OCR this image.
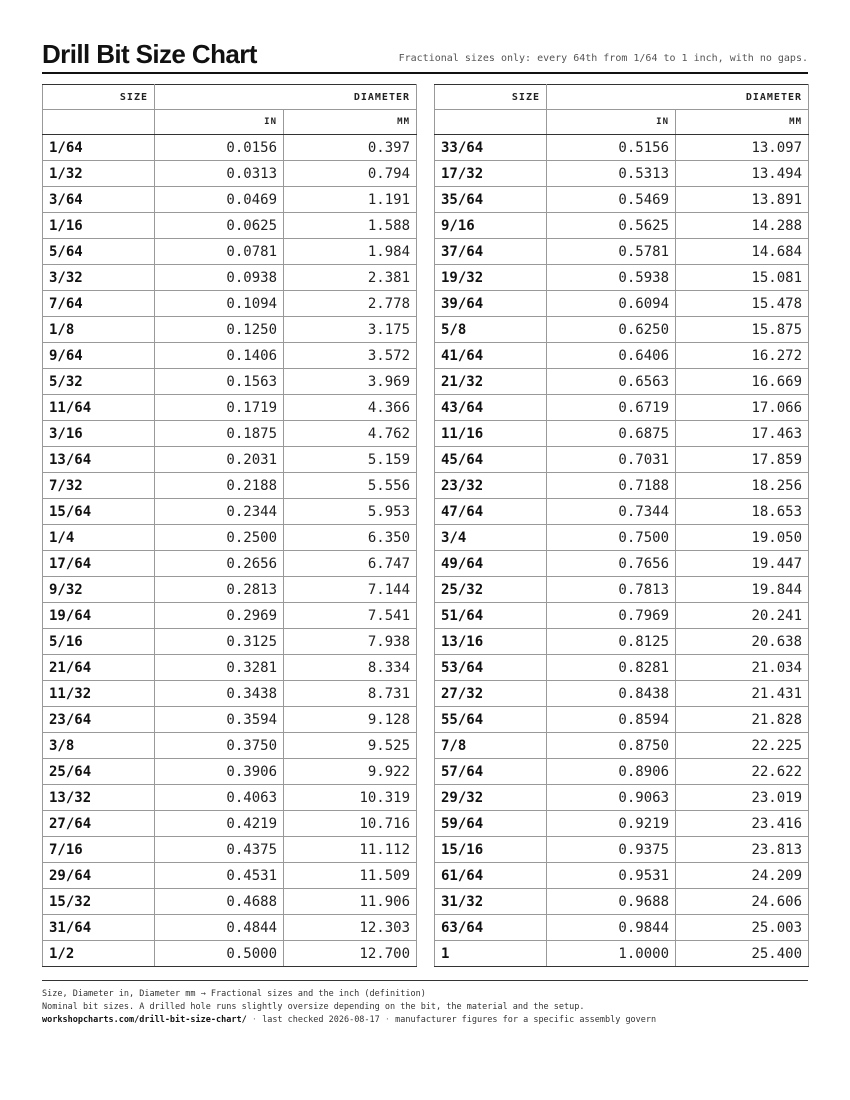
Drill Bit Size Chart	Fractional sizes only: every 64th from 1/64 to 1 inch, with no gaps.
SIZE	DIAMETER	
	IN	MM
1/64	0.0156	0.397
1/32	0.0313	0.794
3/64	0.0469	1.191
1/16	0.0625	1.588
5/64	0.0781	1.984
3/32	0.0938	2.381
7/64	0.1094	2.778
1/8	0.1250	3.175
9/64	0.1406	3.572
5/32	0.1563	3.969
11/64	0.1719	4.366
3/16	0.1875	4.762
13/64	0.2031	5.159
7/32	0.2188	5.556
15/64	0.2344	5.953
1/4	0.2500	6.350
17/64	0.2656	6.747
9/32	0.2813	7.144
19/64	0.2969	7.541
5/16	0.3125	7.938
21/64	0.3281	8.334
11/32	0.3438	8.731
23/64	0.3594	9.128
3/8	0.3750	9.525
25/64	0.3906	9.922
13/32	0.4063	10.319
27/64	0.4219	10.716
7/16	0.4375	11.112
29/64	0.4531	11.509
15/32	0.4688	11.906
31/64	0.4844	12.303
1/2	0.5000	12.700
SIZE	DIAMETER	
	IN	MM
33/64	0.5156	13.097
17/32	0.5313	13.494
35/64	0.5469	13.891
9/16	0.5625	14.288
37/64	0.5781	14.684
19/32	0.5938	15.081
39/64	0.6094	15.478
5/8	0.6250	15.875
41/64	0.6406	16.272
21/32	0.6563	16.669
43/64	0.6719	17.066
11/16	0.6875	17.463
45/64	0.7031	17.859
23/32	0.7188	18.256
47/64	0.7344	18.653
3/4	0.7500	19.050
49/64	0.7656	19.447
25/32	0.7813	19.844
51/64	0.7969	20.241
13/16	0.8125	20.638
53/64	0.8281	21.034
27/32	0.8438	21.431
55/64	0.8594	21.828
7/8	0.8750	22.225
57/64	0.8906	22.622
29/32	0.9063	23.019
59/64	0.9219	23.416
15/16	0.9375	23.813
61/64	0.9531	24.209
31/32	0.9688	24.606
63/64	0.9844	25.003
1	1.0000	25.400
Size, Diameter in, Diameter mm → Fractional sizes and the inch (definition)
Nominal bit sizes. A drilled hole runs slightly oversize depending on the bit, the material and the setup.
workshopcharts.com/drill-bit-size-chart/ · last checked 2026-08-17 · manufacturer figures for a specific assembly govern
